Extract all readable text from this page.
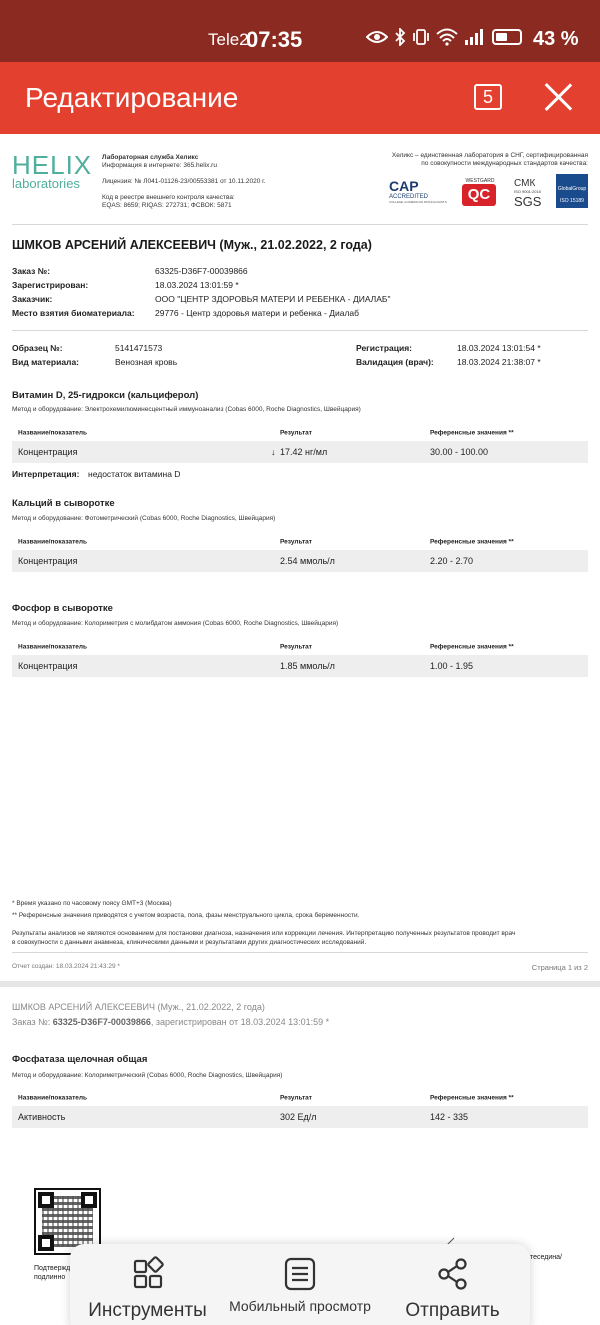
Tele2
07:35	43 %
Редактирование	5
HELIX
laboratories
Лабораторная служба Хеликс
Информация в интернете: 365.helix.ru
Лицензия: № Л041-01126-23/00553381 от 10.11.2020 г.
Код в реестре внешнего контроля качества:
EQAS: 8659; RIQAS: 272731; ФСВОК: 5871
Хеликс – единственная лаборатория в СНГ, сертифицированная
по совокупности международных стандартов качества:
CAP
ACCREDITED
COLLEGE of AMERICAN PATHOLOGISTS
WESTGARD
QC
СМК
ISO 9001:2015
SGS
GlobalGroup
ISO 15189
ШМКОВ АРСЕНИЙ АЛЕКСЕЕВИЧ (Муж., 21.02.2022, 2 года)
Заказ №:	63325-D36F7-00039866
Зарегистрирован:	18.03.2024 13:01:59 *
Заказчик:	ООО "ЦЕНТР ЗДОРОВЬЯ МАТЕРИ И РЕБЕНКА - ДИАЛАБ"
Место взятия биоматериала: 29776 - Центр здоровья матери и ребенка - Диалаб
Образец №:	5141471573
Вид материала:	Венозная кровь
Регистрация:	18.03.2024 13:01:54 *
Валидация (врач):	18.03.2024 21:38:07 *
Витамин D, 25-гидрокси (кальциферол)
Метод и оборудование: Электрохемилюминесцентный иммуноанализ (Cobas 6000, Roche Diagnostics, Швейцария)
Название/показатель	Результат	Референсные значения **
Концентрация	↓ 17.42 нг/мл	30.00 - 100.00
Интерпретация: недостаток витамина D
Кальций в сыворотке
Метод и оборудование: Фотометрический (Cobas 6000, Roche Diagnostics, Швейцария)
Название/показатель	Результат	Референсные значения **
Концентрация	2.54 ммоль/л	2.20 - 2.70
Фосфор в сыворотке
Метод и оборудование: Колориметрия с молибдатом аммония (Cobas 6000, Roche Diagnostics, Швейцария)
Название/показатель	Результат	Референсные значения **
Концентрация	1.85 ммоль/л	1.00 - 1.95
* Время указано по часовому поясу GMT+3 (Москва)
** Референсные значения приводятся с учетом возраста, пола, фазы менструального цикла, срока беременности.
Результаты анализов не являются основанием для постановки диагноза, назначения или коррекции лечения. Интерпретацию полученных результатов проводит врач
в совокупности с данными анамнеза, клиническими данными и результатами других диагностических исследований.
Отчет создан: 18.03.2024 21:43:29 *	Страница 1 из 2
ШМКОВ АРСЕНИЙ АЛЕКСЕЕВИЧ (Муж., 21.02.2022, 2 года)
Заказ №: 63325-D36F7-00039866, зарегистрирован от 18.03.2024 13:01:59 *
Фосфатаза щелочная общая
Метод и оборудование: Колориметрический (Cobas 6000, Roche Diagnostics, Швейцария)
Название/показатель	Результат	Референсные значения **
Активность	302 Ед/л	142 - 335
Подтвержд
подлинно
теседина/
Инструменты	Мобильный просмотр	Отправить
